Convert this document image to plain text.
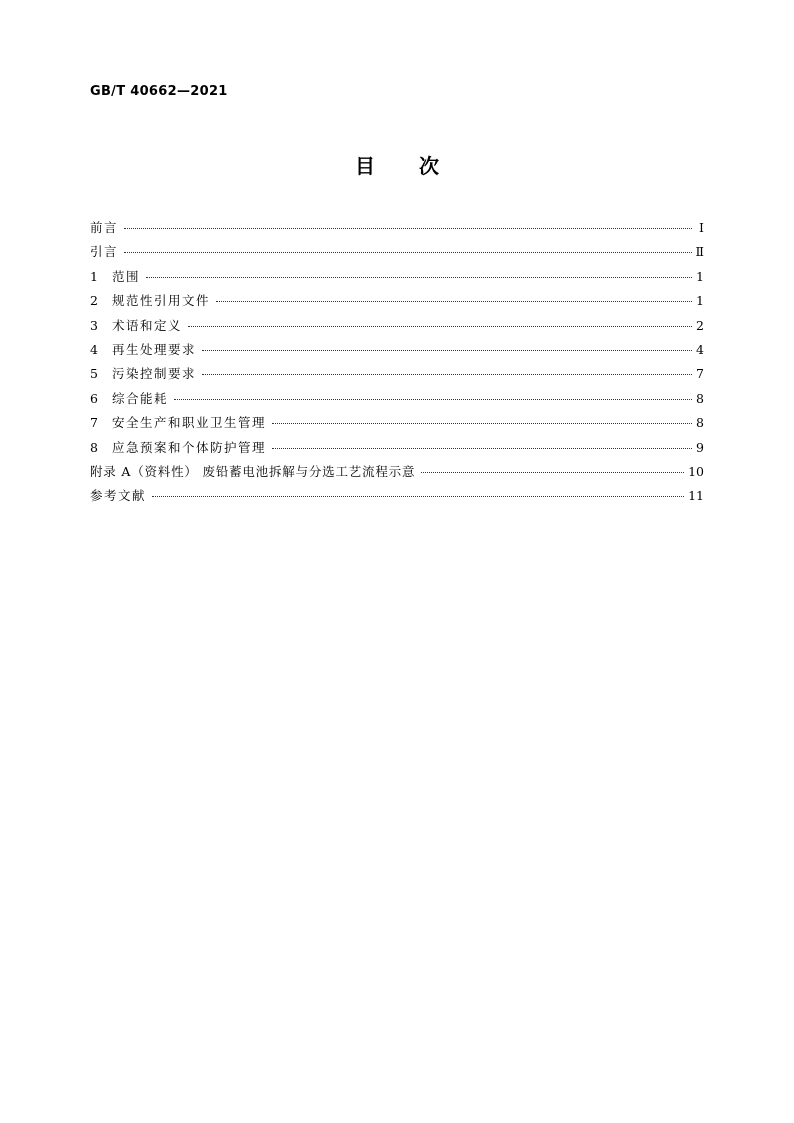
GB/T 40662—2021
目次
前言	Ⅰ
引言	Ⅱ
1	范围	1
2	规范性引用文件	1
3	术语和定义	2
4	再生处理要求	4
5	污染控制要求	7
6	综合能耗	8
7	安全生产和职业卫生管理	8
8	应急预案和个体防护管理	9
附录 A（资料性） 废铅蓄电池拆解与分选工艺流程示意	10
参考文献	11
